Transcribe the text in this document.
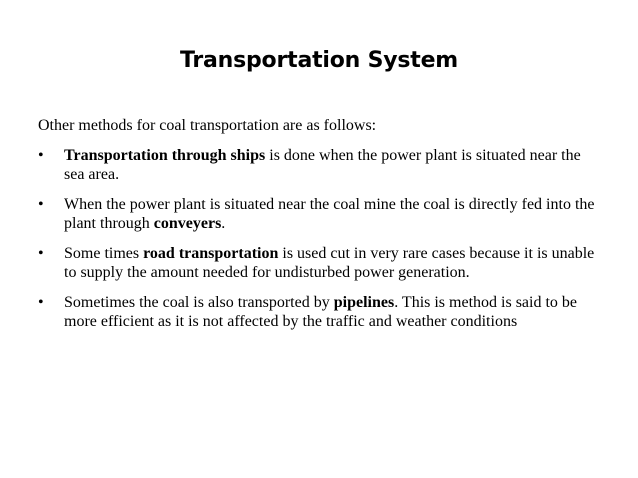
Transportation System
Other methods for coal transportation are as follows:
•	Transportation through ships is done when the power plant is situated near the sea area.
•	When the power plant is situated near the coal mine the coal is directly fed into the plant through conveyers.
•	Some times road transportation is used cut in very rare cases because it is unable to supply the amount needed for undisturbed power generation.
•	Sometimes the coal is also transported by pipelines. This is method is said to be more efficient as it is not affected by the traffic and weather conditions
